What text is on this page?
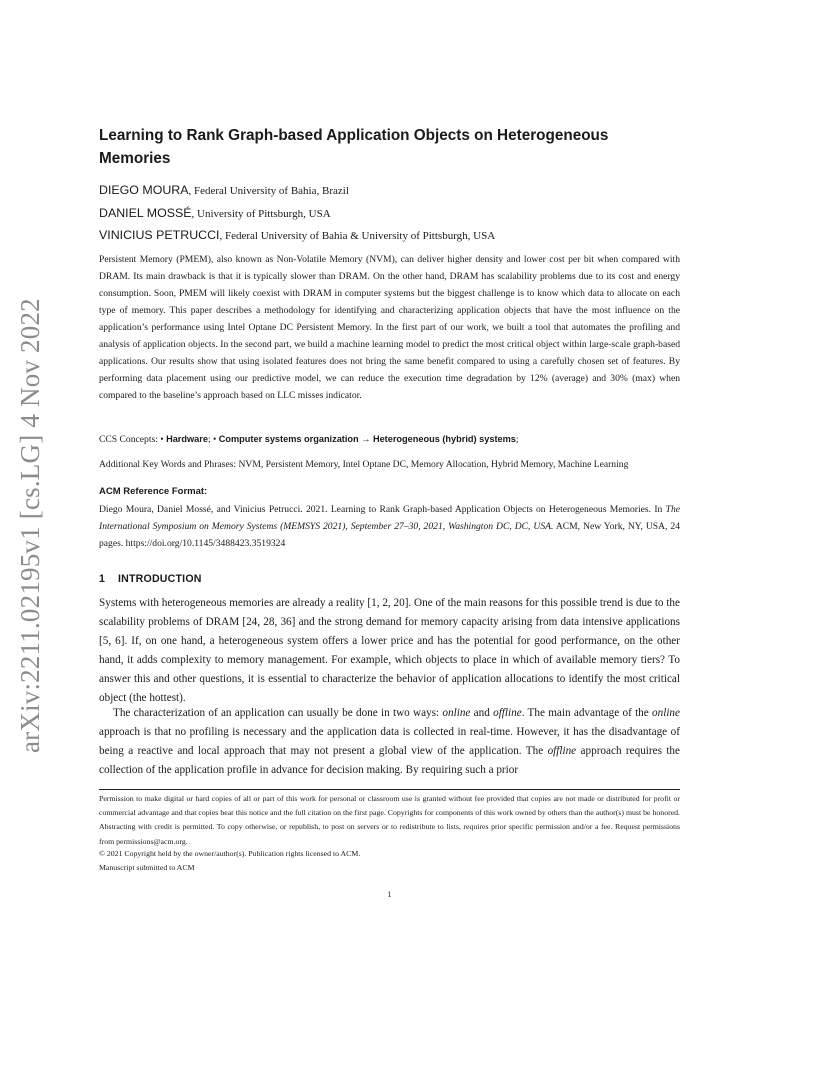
arXiv:2211.02195v1 [cs.LG] 4 Nov 2022
Learning to Rank Graph-based Application Objects on Heterogeneous Memories
DIEGO MOURA, Federal University of Bahia, Brazil
DANIEL MOSSÉ, University of Pittsburgh, USA
VINICIUS PETRUCCI, Federal University of Bahia & University of Pittsburgh, USA

Persistent Memory (PMEM), also known as Non-Volatile Memory (NVM), can deliver higher density and lower cost per bit when compared with DRAM. Its main drawback is that it is typically slower than DRAM. On the other hand, DRAM has scalability problems due to its cost and energy consumption. Soon, PMEM will likely coexist with DRAM in computer systems but the biggest challenge is to know which data to allocate on each type of memory. This paper describes a methodology for identifying and characterizing application objects that have the most influence on the application’s performance using Intel Optane DC Persistent Memory. In the first part of our work, we built a tool that automates the profiling and analysis of application objects. In the second part, we build a machine learning model to predict the most critical object within large-scale graph-based applications. Our results show that using isolated features does not bring the same benefit compared to using a carefully chosen set of features. By performing data placement using our predictive model, we can reduce the execution time degradation by 12% (average) and 30% (max) when compared to the baseline’s approach based on LLC misses indicator.

CCS Concepts: • Hardware; • Computer systems organization → Heterogeneous (hybrid) systems;

Additional Key Words and Phrases: NVM, Persistent Memory, Intel Optane DC, Memory Allocation, Hybrid Memory, Machine Learning

ACM Reference Format:

Diego Moura, Daniel Mossé, and Vinicius Petrucci. 2021. Learning to Rank Graph-based Application Objects on Heterogeneous Memories. In The International Symposium on Memory Systems (MEMSYS 2021), September 27–30, 2021, Washington DC, DC, USA. ACM, New York, NY, USA, 24 pages. https://doi.org/10.1145/3488423.3519324

1 INTRODUCTION

Systems with heterogeneous memories are already a reality [1, 2, 20]. One of the main reasons for this possible trend is due to the scalability problems of DRAM [24, 28, 36] and the strong demand for memory capacity arising from data intensive applications [5, 6]. If, on one hand, a heterogeneous system offers a lower price and has the potential for good performance, on the other hand, it adds complexity to memory management. For example, which objects to place in which of available memory tiers? To answer this and other questions, it is essential to characterize the behavior of application allocations to identify the most critical object (the hottest).

The characterization of an application can usually be done in two ways: online and offline. The main advantage of the online approach is that no profiling is necessary and the application data is collected in real-time. However, it has the disadvantage of being a reactive and local approach that may not present a global view of the application. The offline approach requires the collection of the application profile in advance for decision making. By requiring such a prior

Permission to make digital or hard copies of all or part of this work for personal or classroom use is granted without fee provided that copies are not made or distributed for profit or commercial advantage and that copies bear this notice and the full citation on the first page. Copyrights for components of this work owned by others than the author(s) must be honored. Abstracting with credit is permitted. To copy otherwise, or republish, to post on servers or to redistribute to lists, requires prior specific permission and/or a fee. Request permissions from permissions@acm.org.

© 2021 Copyright held by the owner/author(s). Publication rights licensed to ACM.

Manuscript submitted to ACM

1
